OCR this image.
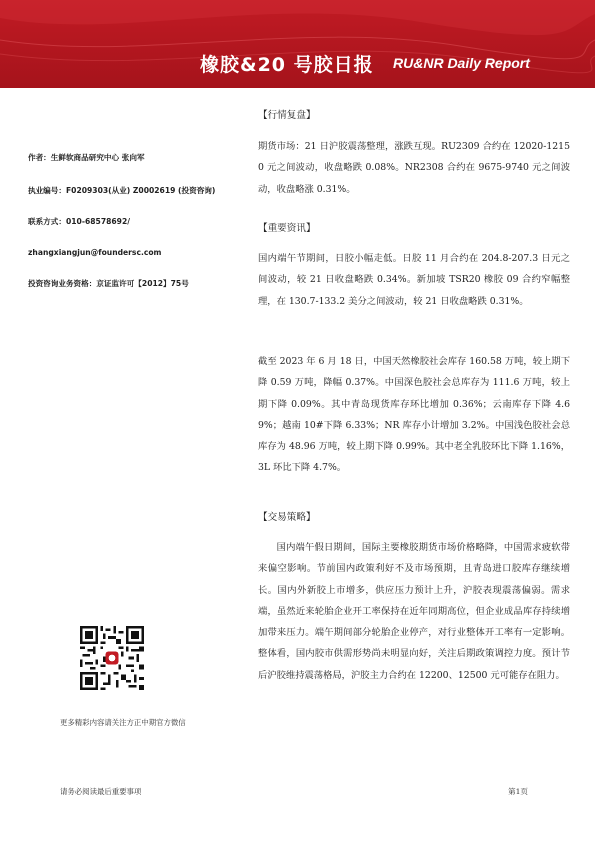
橡胶&20 号胶日报 RU&NR Daily Report
作者：生鲜软商品研究中心 张向军
执业编号：F0209303(从业) Z0002619 (投资咨询)
联系方式：010-68578692/
zhangxiangjun@foundersc.com
投资咨询业务资格：京证监许可【2012】75号
更多精彩内容请关注方正中期官方微信
【行情复盘】
期货市场：21 日沪胶震荡整理，涨跌互现。RU2309 合约在 12020-12150 元之间波动，收盘略跌 0.08%。NR2308 合约在 9675-9740 元之间波动，收盘略涨 0.31%。
【重要资讯】
国内端午节期间，日胶小幅走低。日胶 11 月合约在 204.8-207.3 日元之间波动，较 21 日收盘略跌 0.34%。新加坡 TSR20 橡胶 09 合约窄幅整理，在 130.7-133.2 美分之间波动，较 21 日收盘略跌 0.31%。
截至 2023 年 6 月 18 日，中国天然橡胶社会库存 160.58 万吨，较上期下降 0.59 万吨，降幅 0.37%。中国深色胶社会总库存为 111.6 万吨，较上期下降 0.09%。其中青岛现货库存环比增加 0.36%；云南库存下降 4.69%；越南 10#下降 6.33%；NR 库存小计增加 3.2%。中国浅色胶社会总库存为 48.96 万吨，较上期下降 0.99%。其中老全乳胶环比下降 1.16%，3L 环比下降 4.7%。
【交易策略】
国内端午假日期间，国际主要橡胶期货市场价格略降，中国需求疲软带来偏空影响。节前国内政策利好不及市场预期，且青岛进口胶库存继续增长。国内外新胶上市增多，供应压力预计上升，沪胶表现震荡偏弱。需求端，虽然近来轮胎企业开工率保持在近年同期高位，但企业成品库存持续增加带来压力。端午期间部分轮胎企业停产，对行业整体开工率有一定影响。整体看，国内胶市供需形势尚未明显向好，关注后期政策调控力度。预计节后沪胶维持震荡格局，沪胶主力合约在 12200、12500 元可能存在阻力。
请务必阅读最后重要事项	第1页
